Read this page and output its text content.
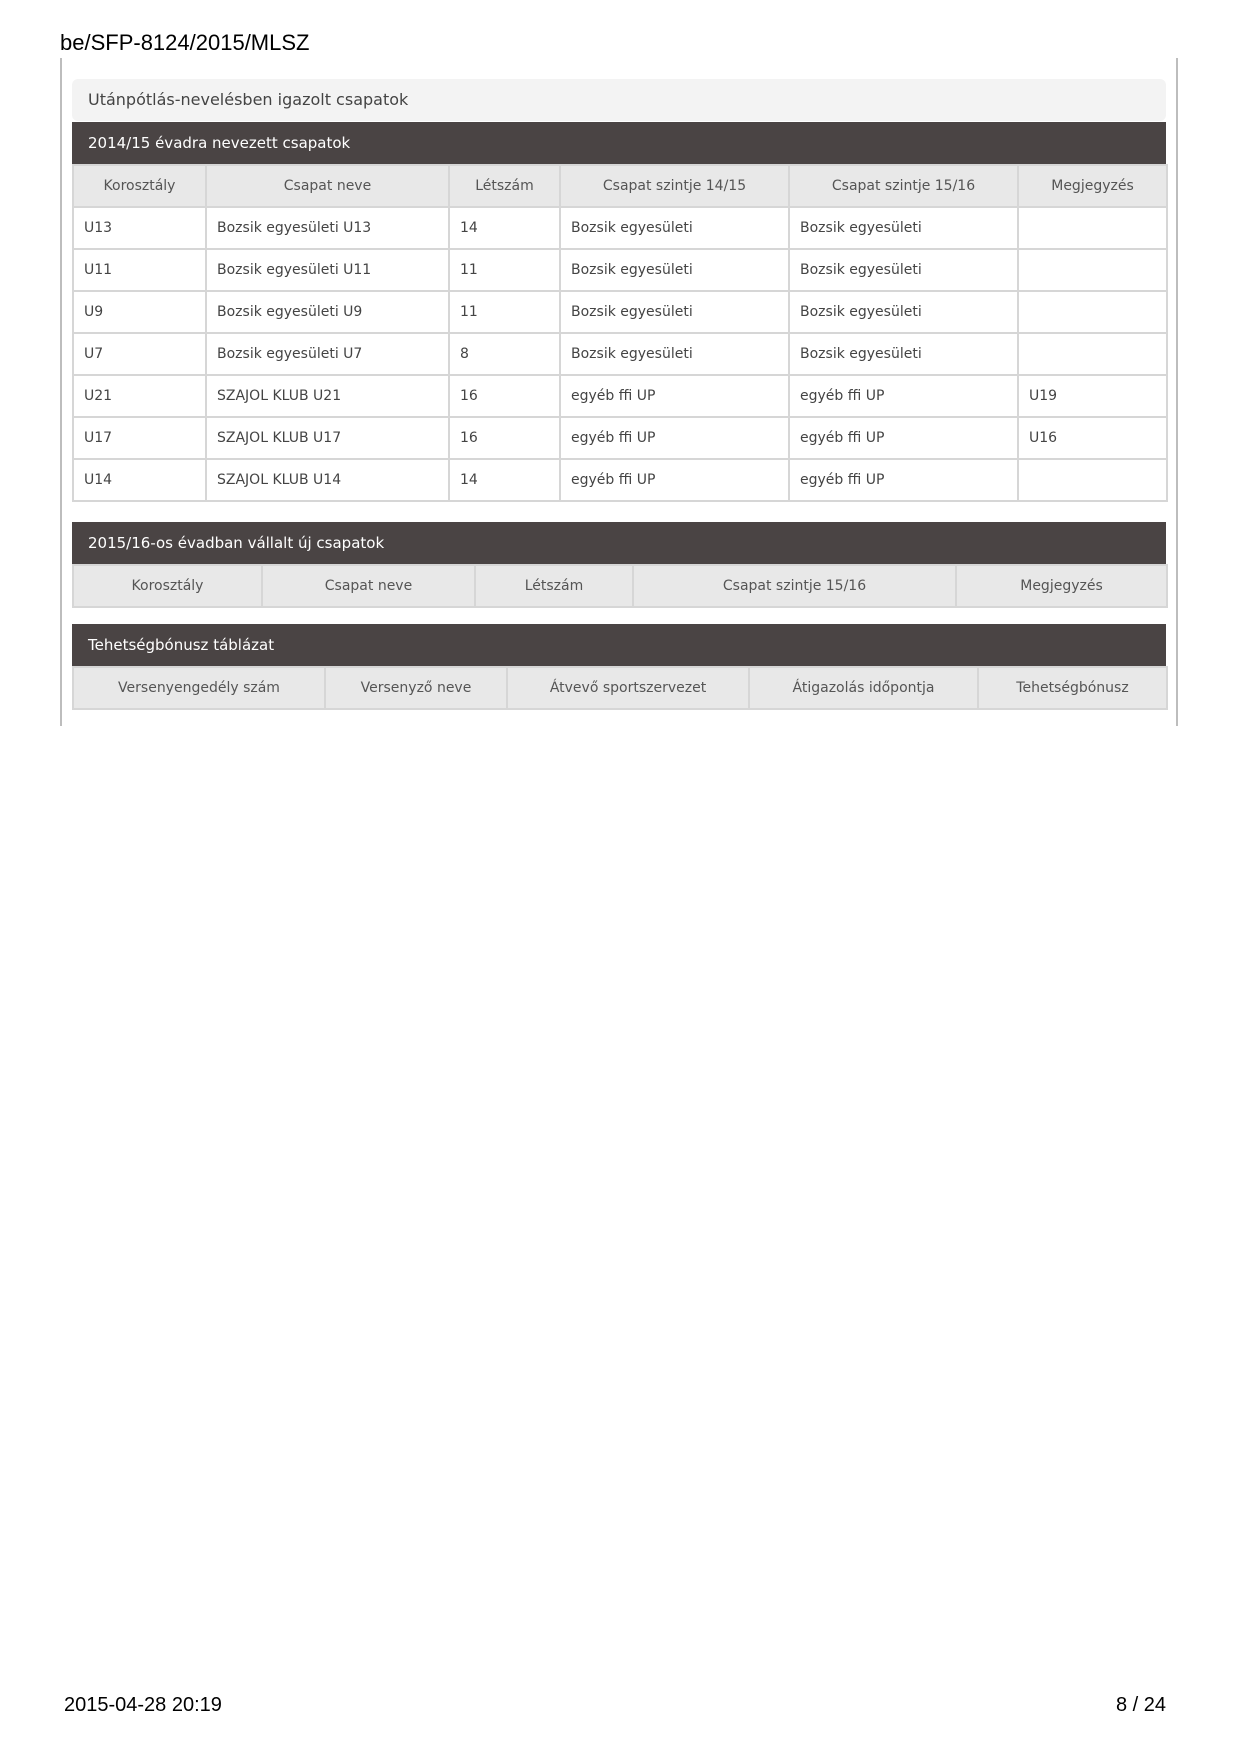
be/SFP-8124/2015/MLSZ
Utánpótlás-nevelésben igazolt csapatok
2014/15 évadra nevezett csapatok
Korosztály	Csapat neve	Létszám	Csapat szintje 14/15	Csapat szintje 15/16	Megjegyzés
U13	Bozsik egyesületi U13	14	Bozsik egyesületi	Bozsik egyesületi	
U11	Bozsik egyesületi U11	11	Bozsik egyesületi	Bozsik egyesületi	
U9	Bozsik egyesületi U9	11	Bozsik egyesületi	Bozsik egyesületi	
U7	Bozsik egyesületi U7	8	Bozsik egyesületi	Bozsik egyesületi	
U21	SZAJOL KLUB U21	16	egyéb ffi UP	egyéb ffi UP	U19
U17	SZAJOL KLUB U17	16	egyéb ffi UP	egyéb ffi UP	U16
U14	SZAJOL KLUB U14	14	egyéb ffi UP	egyéb ffi UP	
2015/16-os évadban vállalt új csapatok
Korosztály	Csapat neve	Létszám	Csapat szintje 15/16	Megjegyzés
Tehetségbónusz táblázat
Versenyengedély szám	Versenyző neve	Átvevő sportszervezet	Átigazolás időpontja	Tehetségbónusz
2015-04-28 20:19	8 / 24
